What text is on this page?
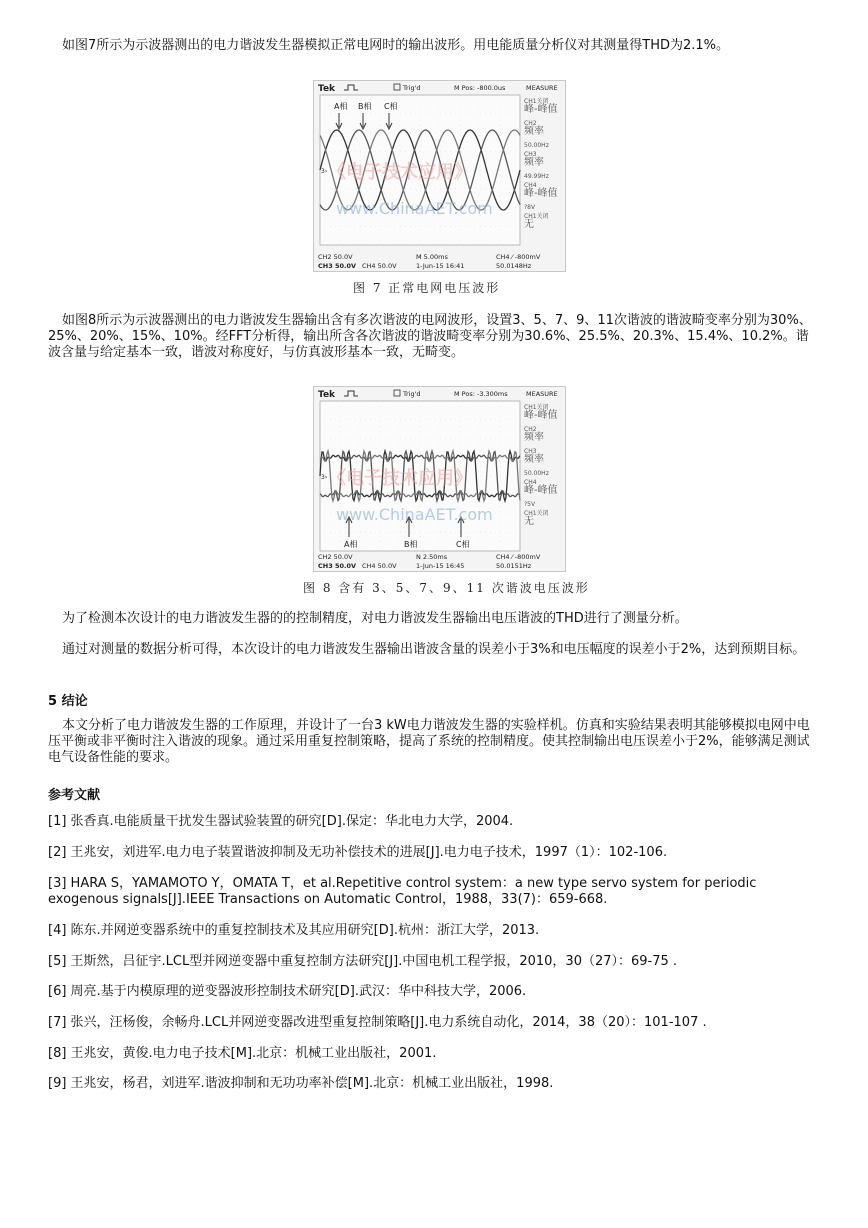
如图7所示为示波器测出的电力谐波发生器模拟正常电网时的输出波形。用电能质量分析仪对其测量得THD为2.1%。
Tek	Trig'd	M Pos: -800.0us	MEASURE
3›
A相 B相 C相
《电子技术应用》
www.ChinaAET.com
CH1关闭
峰-峰值
CH2
频率
50.00Hz
CH3
频率
49.99Hz
CH4
峰-峰值
?8V
CH1关闭
无
CH2 50.0V
CH3 50.0V CH4 50.0V
M 5.00ms
1-Jun-15 16:41
CH4 ⁄ -800mV
50.0148Hz
图 7 正常电网电压波形
如图8所示为示波器测出的电力谐波发生器输出含有多次谐波的电网波形，设置3、5、7、9、11次谐波的谐波畸变率分别为30%、25%、20%、15%、10%。经FFT分析得，输出所含各次谐波的谐波畸变率分别为30.6%、25.5%、20.3%、15.4%、10.2%。谐波含量与给定基本一致，谐波对称度好，与仿真波形基本一致，无畸变。
Tek	Trig'd	M Pos: -3.300ms	MEASURE
3›
A相	B相	C相
《电子技术应用》
www.ChinaAET.com
CH1关闭
峰-峰值
CH2
频率
CH3
频率
50.00Hz
CH4
峰-峰值
?5V
CH1关闭
无
CH2 50.0V
CH3 50.0V CH4 50.0V
N 2.50ms
1-Jun-15 16:45
CH4 ⁄ -800mV
50.0151Hz
图 8 含有 3、5、7、9、11 次谐波电压波形
为了检测本次设计的电力谐波发生器的的控制精度，对电力谐波发生器输出电压谐波的THD进行了测量分析。
通过对测量的数据分析可得，本次设计的电力谐波发生器输出谐波含量的误差小于3%和电压幅度的误差小于2%，达到预期目标。
5 结论
本文分析了电力谐波发生器的工作原理，并设计了一台3 kW电力谐波发生器的实验样机。仿真和实验结果表明其能够模拟电网中电压平衡或非平衡时注入谐波的现象。通过采用重复控制策略，提高了系统的控制精度。使其控制输出电压误差小于2%，能够满足测试电气设备性能的要求。
参考文献
[1] 张香真.电能质量干扰发生器试验装置的研究[D].保定：华北电力大学，2004.
[2] 王兆安，刘进军.电力电子装置谐波抑制及无功补偿技术的进展[J].电力电子技术，1997（1）：102-106.
[3] HARA S，YAMAMOTO Y，OMATA T，et al.Repetitive control system：a new type servo system for periodic exogenous signals[J].IEEE Transactions on Automatic Control，1988，33(7)：659-668.
[4] 陈东.并网逆变器系统中的重复控制技术及其应用研究[D].杭州：浙江大学，2013.
[5] 王斯然，吕征宇.LCL型并网逆变器中重复控制方法研究[J].中国电机工程学报，2010，30（27）：69-75 .
[6] 周亮.基于内模原理的逆变器波形控制技术研究[D].武汉：华中科技大学，2006.
[7] 张兴，汪杨俊，余畅舟.LCL并网逆变器改进型重复控制策略[J].电力系统自动化，2014，38（20）：101-107 .
[8] 王兆安，黄俊.电力电子技术[M].北京：机械工业出版社，2001.
[9] 王兆安，杨君，刘进军.谐波抑制和无功功率补偿[M].北京：机械工业出版社，1998.
